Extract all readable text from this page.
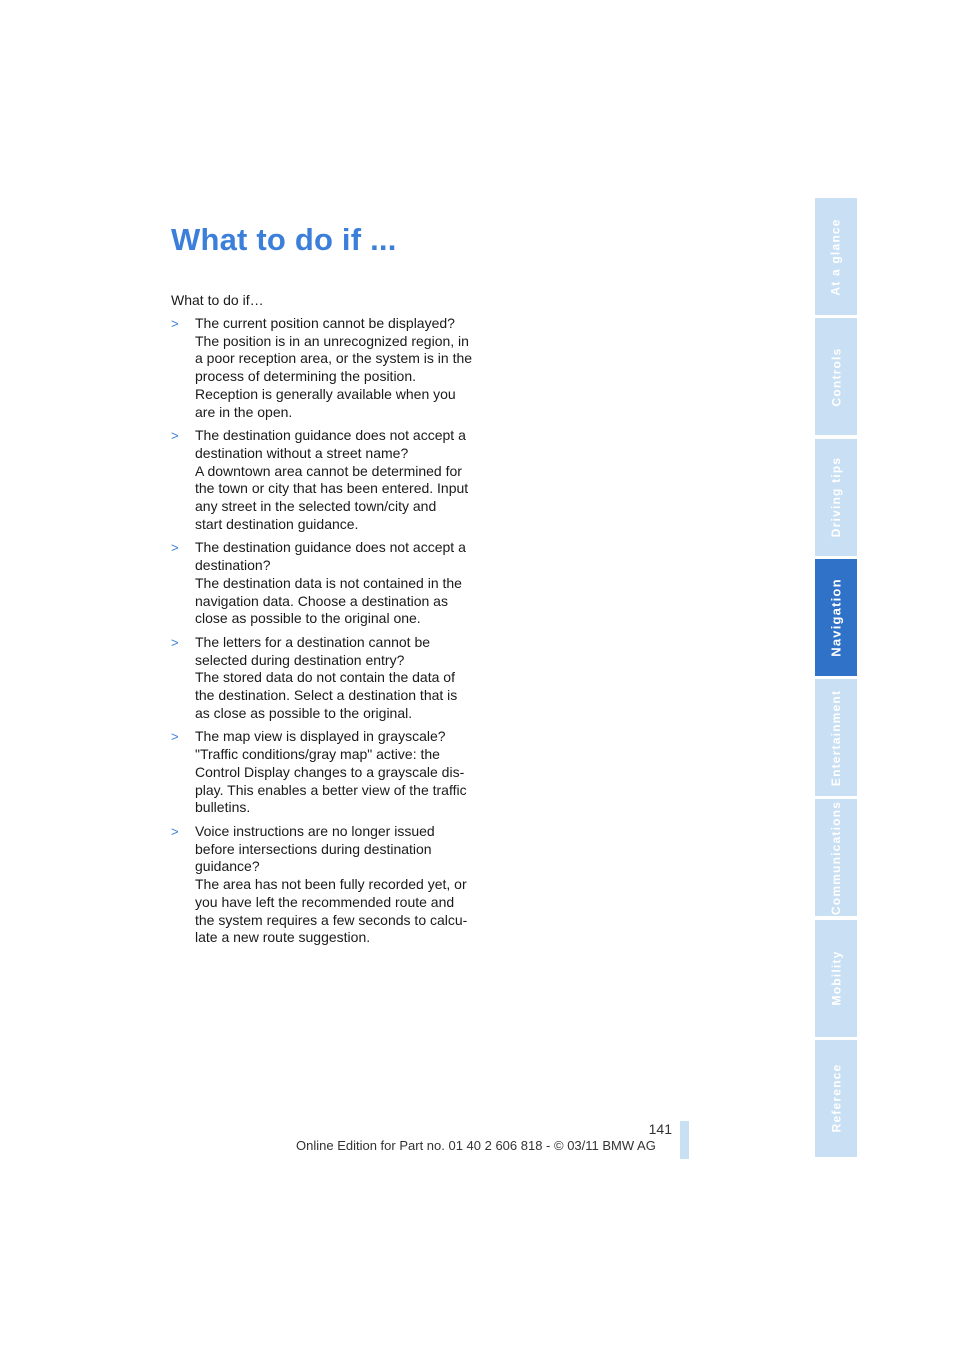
What to do if ...
What to do if…
> The current position cannot be displayed?
The position is in an unrecognized region, in
a poor reception area, or the system is in the
process of determining the position.
Reception is generally available when you
are in the open.
> The destination guidance does not accept a
destination without a street name?
A downtown area cannot be determined for
the town or city that has been entered. Input
any street in the selected town/city and
start destination guidance.
> The destination guidance does not accept a
destination?
The destination data is not contained in the
navigation data. Choose a destination as
close as possible to the original one.
> The letters for a destination cannot be
selected during destination entry?
The stored data do not contain the data of
the destination. Select a destination that is
as close as possible to the original.
> The map view is displayed in grayscale?
"Traffic conditions/gray map" active: the
Control Display changes to a grayscale dis-
play. This enables a better view of the traffic
bulletins.
> Voice instructions are no longer issued
before intersections during destination
guidance?
The area has not been fully recorded yet, or
you have left the recommended route and
the system requires a few seconds to calcu-
late a new route suggestion.
At a glance
Controls
Driving tips
Navigation
Entertainment
Communications
Mobility
Reference
141
Online Edition for Part no. 01 40 2 606 818 - © 03/11 BMW AG
